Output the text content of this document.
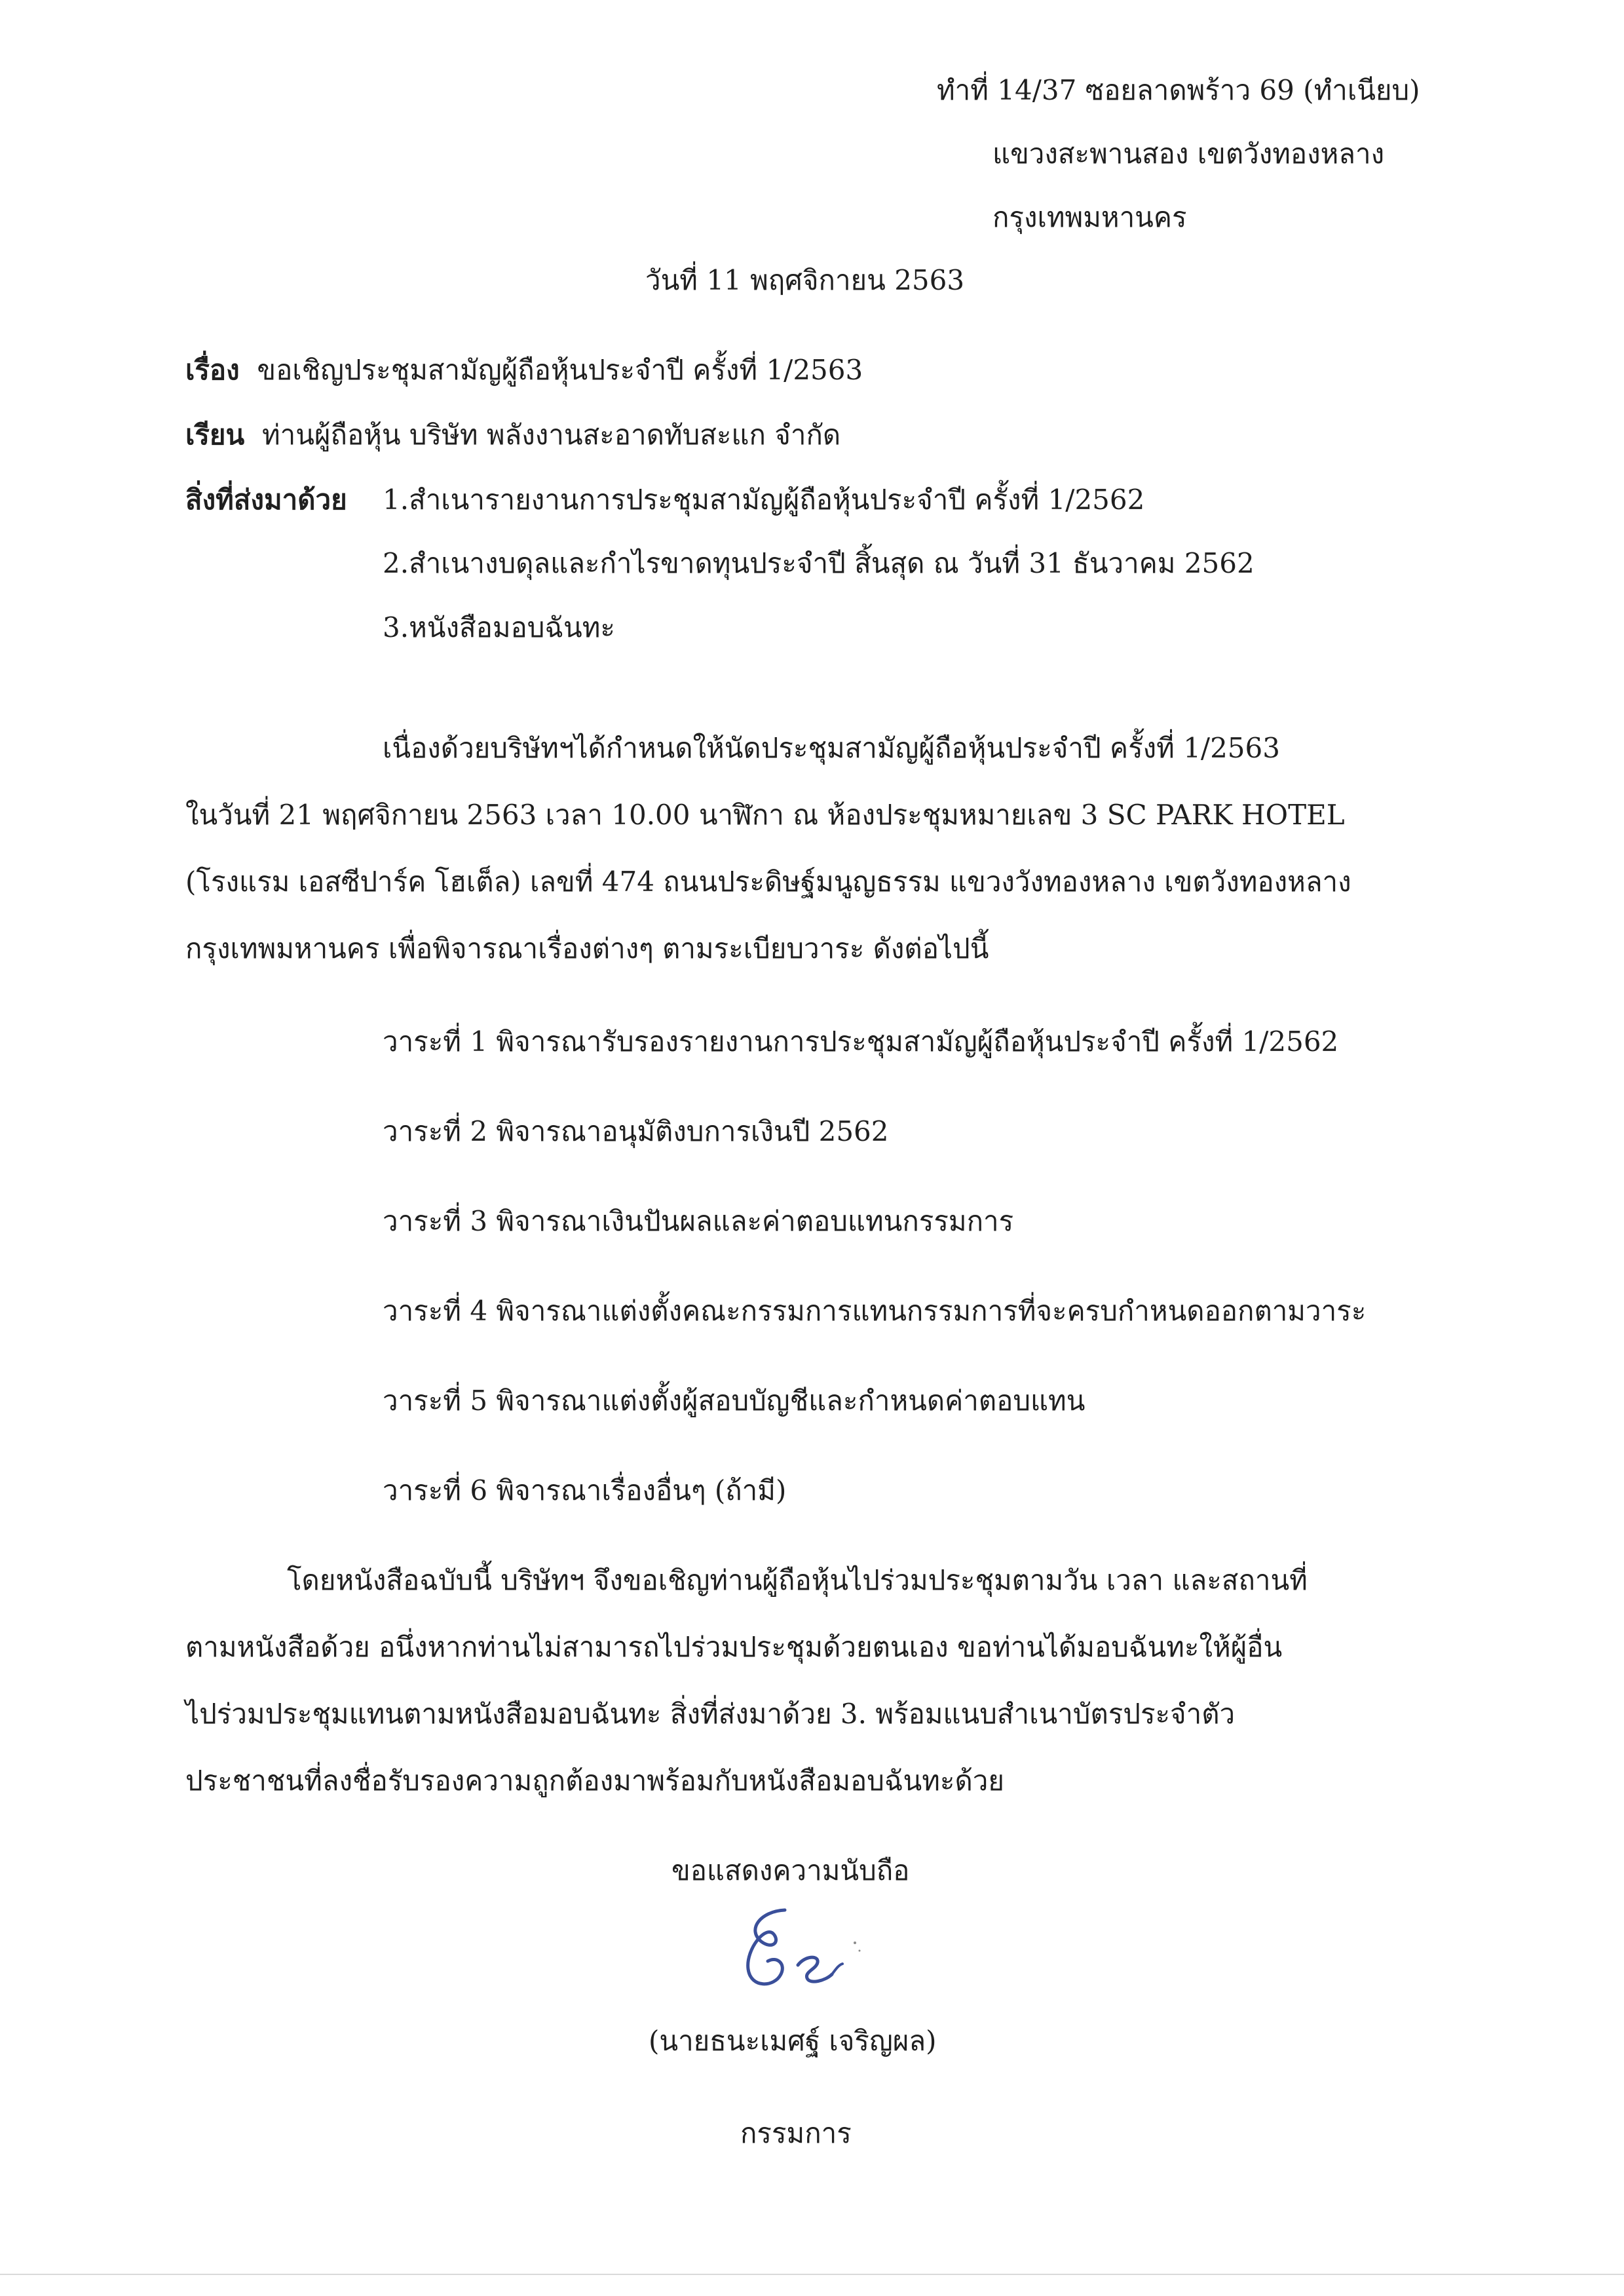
ทำที่ 14/37 ซอยลาดพร้าว 69 (ทำเนียบ)
แขวงสะพานสอง เขตวังทองหลาง
กรุงเทพมหานคร
วันที่ 11 พฤศจิกายน 2563
เรื่อง ขอเชิญประชุมสามัญผู้ถือหุ้นประจำปี ครั้งที่ 1/2563
เรียน ท่านผู้ถือหุ้น บริษัท พลังงานสะอาดทับสะแก จำกัด
สิ่งที่ส่งมาด้วย 1.สำเนารายงานการประชุมสามัญผู้ถือหุ้นประจำปี ครั้งที่ 1/2562
2.สำเนางบดุลและกำไรขาดทุนประจำปี สิ้นสุด ณ วันที่ 31 ธันวาคม 2562
3.หนังสือมอบฉันทะ
เนื่องด้วยบริษัทฯได้กำหนดให้นัดประชุมสามัญผู้ถือหุ้นประจำปี ครั้งที่ 1/2563
ในวันที่ 21 พฤศจิกายน 2563 เวลา 10.00 นาฬิกา ณ ห้องประชุมหมายเลข 3 SC PARK HOTEL
(โรงแรม เอสซีปาร์ค โฮเต็ล) เลขที่ 474 ถนนประดิษฐ์มนูญธรรม แขวงวังทองหลาง เขตวังทองหลาง
กรุงเทพมหานคร เพื่อพิจารณาเรื่องต่างๆ ตามระเบียบวาระ ดังต่อไปนี้
วาระที่ 1 พิจารณารับรองรายงานการประชุมสามัญผู้ถือหุ้นประจำปี ครั้งที่ 1/2562
วาระที่ 2 พิจารณาอนุมัติงบการเงินปี 2562
วาระที่ 3 พิจารณาเงินปันผลและค่าตอบแทนกรรมการ
วาระที่ 4 พิจารณาแต่งตั้งคณะกรรมการแทนกรรมการที่จะครบกำหนดออกตามวาระ
วาระที่ 5 พิจารณาแต่งตั้งผู้สอบบัญชีและกำหนดค่าตอบแทน
วาระที่ 6 พิจารณาเรื่องอื่นๆ (ถ้ามี)
โดยหนังสือฉบับนี้ บริษัทฯ จึงขอเชิญท่านผู้ถือหุ้นไปร่วมประชุมตามวัน เวลา และสถานที่
ตามหนังสือด้วย อนึ่งหากท่านไม่สามารถไปร่วมประชุมด้วยตนเอง ขอท่านได้มอบฉันทะให้ผู้อื่น
ไปร่วมประชุมแทนตามหนังสือมอบฉันทะ สิ่งที่ส่งมาด้วย 3. พร้อมแนบสำเนาบัตรประจำตัว
ประชาชนที่ลงชื่อรับรองความถูกต้องมาพร้อมกับหนังสือมอบฉันทะด้วย
ขอแสดงความนับถือ
(นายธนะเมศฐ์ เจริญผล)
กรรมการ
